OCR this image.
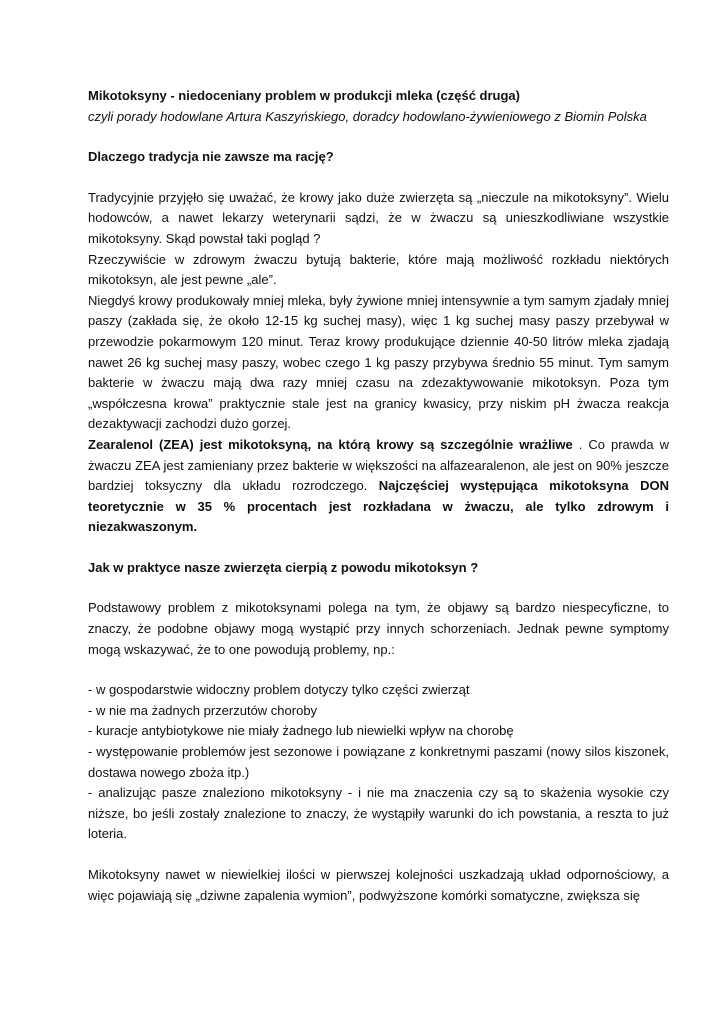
Mikotoksyny - niedoceniany problem w produkcji mleka (część druga)

czyli porady hodowlane Artura Kaszyńskiego, doradcy hodowlano-żywieniowego z Biomin Polska

Dlaczego tradycja nie zawsze ma rację?

Tradycyjnie przyjęło się uważać, że krowy jako duże zwierzęta są „nieczule na mikotoksyny”. Wielu hodowców, a nawet lekarzy weterynarii sądzi, że w żwaczu są unieszkodliwiane wszystkie mikotoksyny. Skąd powstał taki pogląd ?

Rzeczywiście w zdrowym żwaczu bytują bakterie, które mają możliwość rozkładu niektórych mikotoksyn, ale jest pewne „ale”.

Niegdyś krowy produkowały mniej mleka, były żywione mniej intensywnie a tym samym zjadały mniej paszy (zakłada się, że około 12-15 kg suchej masy), więc 1 kg suchej masy paszy przebywał w przewodzie pokarmowym 120 minut. Teraz krowy produkujące dziennie 40-50 litrów mleka zjadają nawet 26 kg suchej masy paszy, wobec czego 1 kg paszy przybywa średnio 55 minut. Tym samym bakterie w żwaczu mają dwa razy mniej czasu na zdezaktywowanie mikotoksyn. Poza tym „współczesna krowa” praktycznie stale jest na granicy kwasicy, przy niskim pH żwacza reakcja dezaktywacji zachodzi dużo gorzej.

Zearalenol (ZEA) jest mikotoksyną, na którą krowy są szczególnie wrażliwe . Co prawda w żwaczu ZEA jest zamieniany przez bakterie w większości na alfazearalenon, ale jest on 90% jeszcze bardziej toksyczny dla układu rozrodczego. Najczęściej występująca mikotoksyna DON teoretycznie w 35 % procentach jest rozkładana w żwaczu, ale tylko zdrowym i niezakwaszonym.

Jak w praktyce nasze zwierzęta cierpią z powodu mikotoksyn ?

Podstawowy problem z mikotoksynami polega na tym, że objawy są bardzo niespecyficzne, to znaczy, że podobne objawy mogą wystąpić przy innych schorzeniach. Jednak pewne symptomy mogą wskazywać, że to one powodują problemy, np.:

- w gospodarstwie widoczny problem dotyczy tylko części zwierząt

- w nie ma żadnych przerzutów choroby

- kuracje antybiotykowe nie miały żadnego lub niewielki wpływ na chorobę

- występowanie problemów jest sezonowe i powiązane z konkretnymi paszami (nowy silos kiszonek, dostawa nowego zboża itp.)

- analizując pasze znaleziono mikotoksyny - i nie ma znaczenia czy są to skażenia wysokie czy niższe, bo jeśli zostały znalezione to znaczy, że wystąpiły warunki do ich powstania, a reszta to już loteria.

Mikotoksyny nawet w niewielkiej ilości w pierwszej kolejności uszkadzają układ odpornościowy, a więc pojawiają się „dziwne zapalenia wymion”, podwyższone komórki somatyczne, zwiększa się
